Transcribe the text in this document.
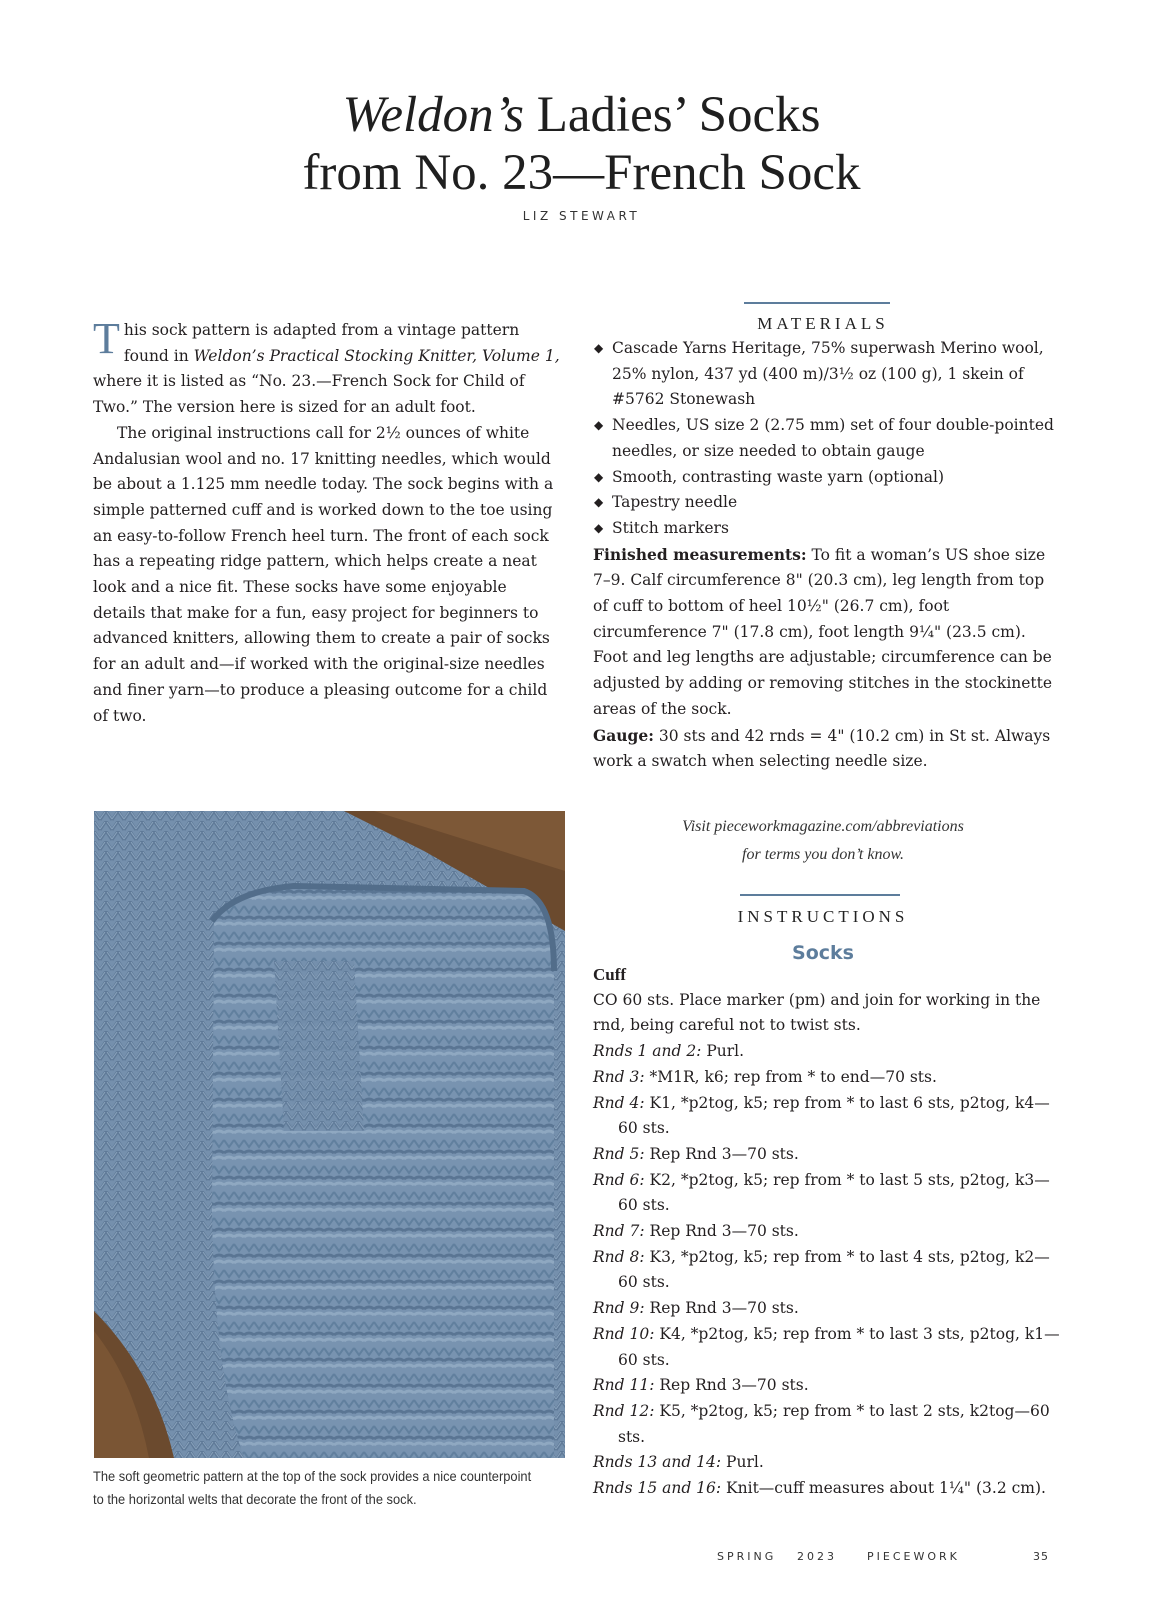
Weldon’s Ladies’ Socks
from No. 23—French Sock
LIZ STEWART

This sock pattern is adapted from a vintage pattern found in Weldon’s Practical Stocking Knitter, Volume 1, where it is listed as “No. 23.—French Sock for Child of Two.” The version here is sized for an adult foot.

The original instructions call for 2½ ounces of white Andalusian wool and no. 17 knitting needles, which would be about a 1.125 mm needle today. The sock begins with a simple patterned cuff and is worked down to the toe using an easy-to-follow French heel turn. The front of each sock has a repeating ridge pattern, which helps create a neat look and a nice fit. These socks have some enjoyable details that make for a fun, easy project for beginners to advanced knitters, allowing them to create a pair of socks for an adult and—if worked with the original-size needles and finer yarn—to produce a pleasing outcome for a child of two.

MATERIALS
◆ Cascade Yarns Heritage, 75% superwash Merino wool, 25% nylon, 437 yd (400 m)/3½ oz (100 g), 1 skein of #5762 Stonewash
◆ Needles, US size 2 (2.75 mm) set of four double-pointed needles, or size needed to obtain gauge
◆ Smooth, contrasting waste yarn (optional)
◆ Tapestry needle
◆ Stitch markers

Finished measurements: To fit a woman’s US shoe size 7–9. Calf circumference 8" (20.3 cm), leg length from top of cuff to bottom of heel 10½" (26.7 cm), foot circumference 7" (17.8 cm), foot length 9¼" (23.5 cm). Foot and leg lengths are adjustable; circumference can be adjusted by adding or removing stitches in the stockinette areas of the sock.

Gauge: 30 sts and 42 rnds = 4" (10.2 cm) in St st. Always work a swatch when selecting needle size.

Visit pieceworkmagazine.com/abbreviations
for terms you don’t know.
INSTRUCTIONS
Socks
Cuff

CO 60 sts. Place marker (pm) and join for working in the rnd, being careful not to twist sts.

Rnds 1 and 2: Purl.

Rnd 3: *M1R, k6; rep from * to end—70 sts.

Rnd 4: K1, *p2tog, k5; rep from * to last 6 sts, p2tog, k4—60 sts.

Rnd 5: Rep Rnd 3—70 sts.

Rnd 6: K2, *p2tog, k5; rep from * to last 5 sts, p2tog, k3—60 sts.

Rnd 7: Rep Rnd 3—70 sts.

Rnd 8: K3, *p2tog, k5; rep from * to last 4 sts, p2tog, k2—60 sts.

Rnd 9: Rep Rnd 3—70 sts.

Rnd 10: K4, *p2tog, k5; rep from * to last 3 sts, p2tog, k1—60 sts.

Rnd 11: Rep Rnd 3—70 sts.

Rnd 12: K5, *p2tog, k5; rep from * to last 2 sts, k2tog—60 sts.

Rnds 13 and 14: Purl.

Rnds 15 and 16: Knit—cuff measures about 1¼" (3.2 cm).

The soft geometric pattern at the top of the sock provides a nice counterpoint to the horizontal welts that decorate the front of the sock.
SPRING 2023	PIECEWORK	35
